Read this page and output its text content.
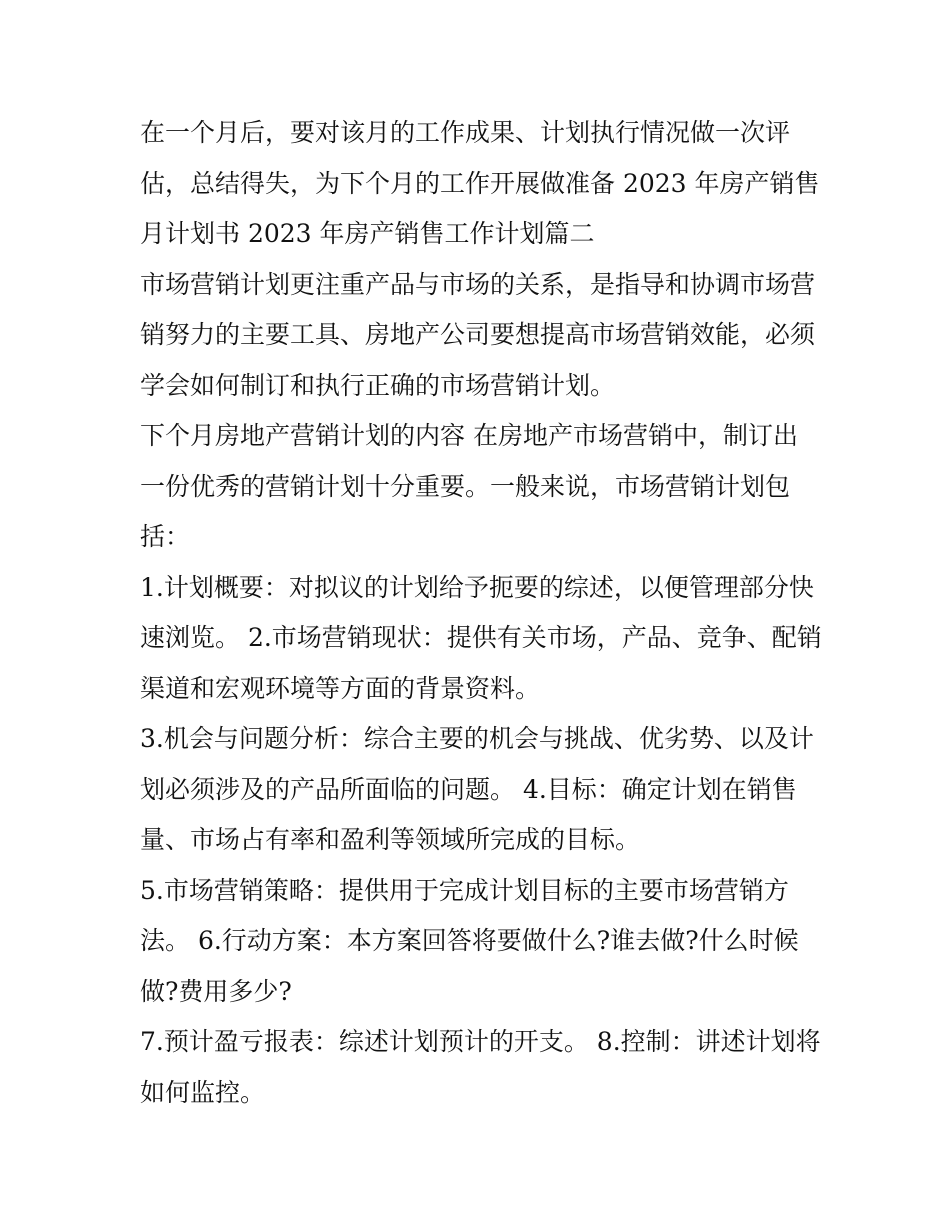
在一个月后，要对该月的工作成果、计划执行情况做一次评
估，总结得失，为下个月的工作开展做准备 2023 年房产销售
月计划书 2023 年房产销售工作计划篇二

市场营销计划更注重产品与市场的关系，是指导和协调市场营
销努力的主要工具、房地产公司要想提高市场营销效能，必须
学会如何制订和执行正确的市场营销计划。

下个月房地产营销计划的内容 在房地产市场营销中，制订出
一份优秀的营销计划十分重要。一般来说，市场营销计划包
括：

1.计划概要：对拟议的计划给予扼要的综述，以便管理部分快
速浏览。 2.市场营销现状：提供有关市场，产品、竞争、配销
渠道和宏观环境等方面的背景资料。

3.机会与问题分析：综合主要的机会与挑战、优劣势、以及计
划必须涉及的产品所面临的问题。 4.目标：确定计划在销售
量、市场占有率和盈利等领域所完成的目标。

5.市场营销策略：提供用于完成计划目标的主要市场营销方
法。 6.行动方案：本方案回答将要做什么?谁去做?什么时候
做?费用多少?

7.预计盈亏报表：综述计划预计的开支。 8.控制：讲述计划将
如何监控。
